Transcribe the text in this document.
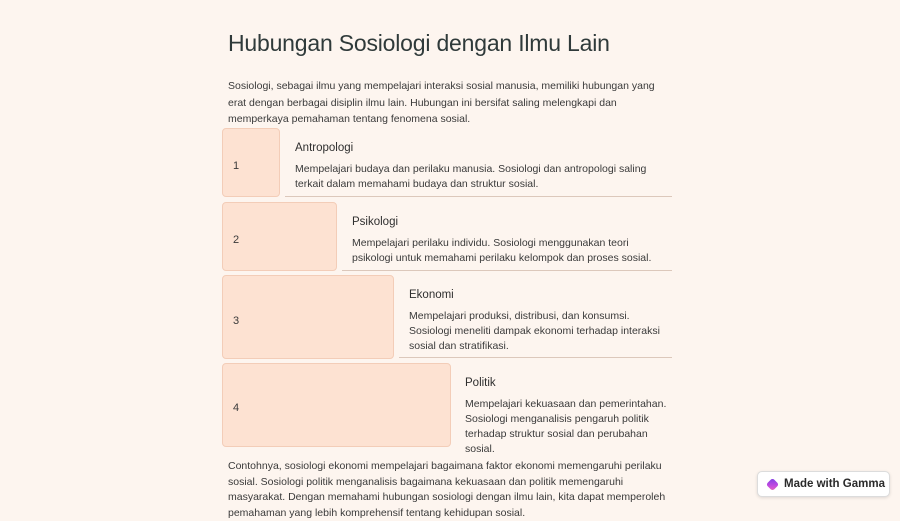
Hubungan Sosiologi dengan Ilmu Lain

Sosiologi, sebagai ilmu yang mempelajari interaksi sosial manusia, memiliki hubungan yang erat dengan berbagai disiplin ilmu lain. Hubungan ini bersifat saling melengkapi dan memperkaya pemahaman tentang fenomena sosial.

1
Antropologi
Mempelajari budaya dan perilaku manusia. Sosiologi dan antropologi saling terkait dalam memahami budaya dan struktur sosial.
2
Psikologi
Mempelajari perilaku individu. Sosiologi menggunakan teori psikologi untuk memahami perilaku kelompok dan proses sosial.
3
Ekonomi
Mempelajari produksi, distribusi, dan konsumsi. Sosiologi meneliti dampak ekonomi terhadap interaksi sosial dan stratifikasi.
4
Politik
Mempelajari kekuasaan dan pemerintahan. Sosiologi menganalisis pengaruh politik terhadap struktur sosial dan perubahan sosial.

Contohnya, sosiologi ekonomi mempelajari bagaimana faktor ekonomi memengaruhi perilaku sosial. Sosiologi politik menganalisis bagaimana kekuasaan dan politik memengaruhi masyarakat. Dengan memahami hubungan sosiologi dengan ilmu lain, kita dapat memperoleh pemahaman yang lebih komprehensif tentang kehidupan sosial.

Made with Gamma
